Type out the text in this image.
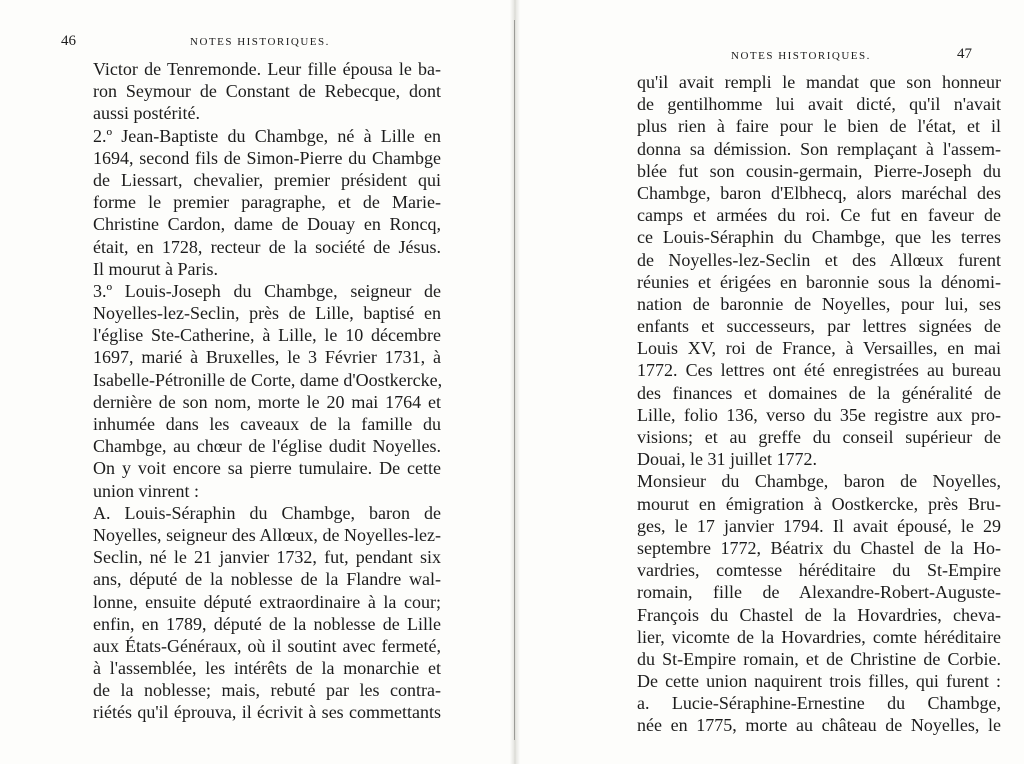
46	NOTES HISTORIQUES.
Victor de Tenremonde. Leur fille épousa le ba-
ron Seymour de Constant de Rebecque, dont
aussi postérité.
2.º Jean-Baptiste du Chambge, né à Lille en
1694, second fils de Simon-Pierre du Chambge
de Liessart, chevalier, premier président qui
forme le premier paragraphe, et de Marie-
Christine Cardon, dame de Douay en Roncq,
était, en 1728, recteur de la société de Jésus.
Il mourut à Paris.
3.º Louis-Joseph du Chambge, seigneur de
Noyelles-lez-Seclin, près de Lille, baptisé en
l'église Ste-Catherine, à Lille, le 10 décembre
1697, marié à Bruxelles, le 3 Février 1731, à
Isabelle-Pétronille de Corte, dame d'Oostkercke,
dernière de son nom, morte le 20 mai 1764 et
inhumée dans les caveaux de la famille du
Chambge, au chœur de l'église dudit Noyelles.
On y voit encore sa pierre tumulaire. De cette
union vinrent :
A. Louis-Séraphin du Chambge, baron de
Noyelles, seigneur des Allœux, de Noyelles-lez-
Seclin, né le 21 janvier 1732, fut, pendant six
ans, député de la noblesse de la Flandre wal-
lonne, ensuite député extraordinaire à la cour;
enfin, en 1789, député de la noblesse de Lille
aux États-Généraux, où il soutint avec fermeté,
à l'assemblée, les intérêts de la monarchie et
de la noblesse; mais, rebuté par les contra-
riétés qu'il éprouva, il écrivit à ses commettants
NOTES HISTORIQUES.	47
qu'il avait rempli le mandat que son honneur
de gentilhomme lui avait dicté, qu'il n'avait
plus rien à faire pour le bien de l'état, et il
donna sa démission. Son remplaçant à l'assem-
blée fut son cousin-germain, Pierre-Joseph du
Chambge, baron d'Elbhecq, alors maréchal des
camps et armées du roi. Ce fut en faveur de
ce Louis-Séraphin du Chambge, que les terres
de Noyelles-lez-Seclin et des Allœux furent
réunies et érigées en baronnie sous la dénomi-
nation de baronnie de Noyelles, pour lui, ses
enfants et successeurs, par lettres signées de
Louis XV, roi de France, à Versailles, en mai
1772. Ces lettres ont été enregistrées au bureau
des finances et domaines de la généralité de
Lille, folio 136, verso du 35e registre aux pro-
visions; et au greffe du conseil supérieur de
Douai, le 31 juillet 1772.
Monsieur du Chambge, baron de Noyelles,
mourut en émigration à Oostkercke, près Bru-
ges, le 17 janvier 1794. Il avait épousé, le 29
septembre 1772, Béatrix du Chastel de la Ho-
vardries, comtesse héréditaire du St-Empire
romain, fille de Alexandre-Robert-Auguste-
François du Chastel de la Hovardries, cheva-
lier, vicomte de la Hovardries, comte héréditaire
du St-Empire romain, et de Christine de Corbie.
De cette union naquirent trois filles, qui furent :
a. Lucie-Séraphine-Ernestine du Chambge,
née en 1775, morte au château de Noyelles, le
